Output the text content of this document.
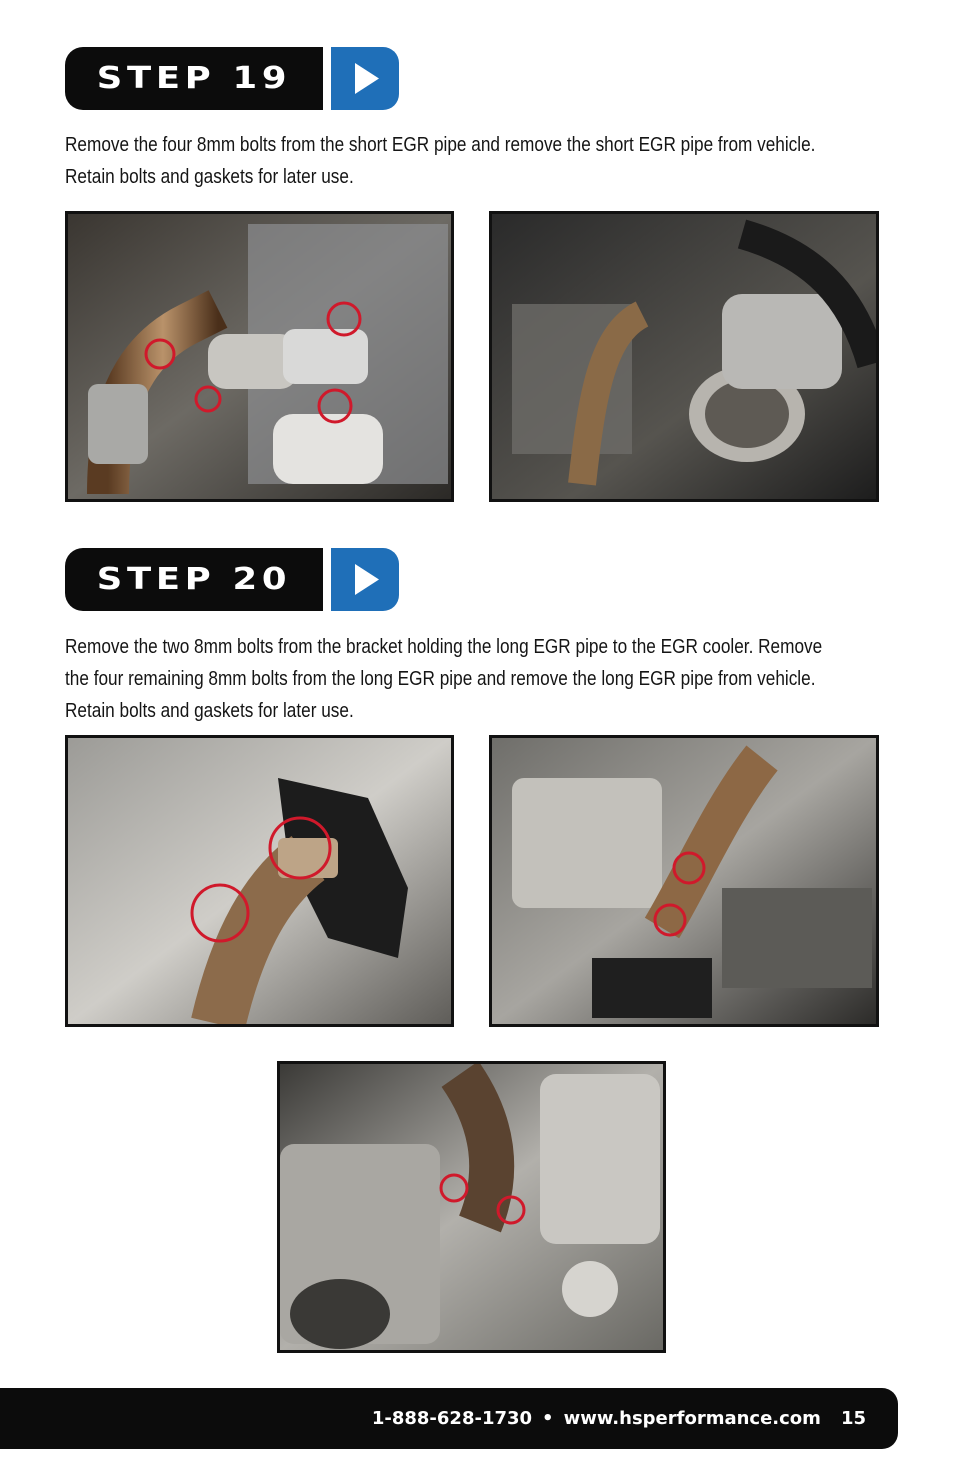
STEP 19
Remove the four 8mm bolts from the short EGR pipe and remove the short EGR pipe from vehicle.
Retain bolts and gaskets for later use.
STEP 20
Remove the two 8mm bolts from the bracket holding the long EGR pipe to the EGR cooler. Remove
the four remaining 8mm bolts from the long EGR pipe and remove the long EGR pipe from vehicle.
Retain bolts and gaskets for later use.
1-888-628-1730 • www.hsperformance.com 15
